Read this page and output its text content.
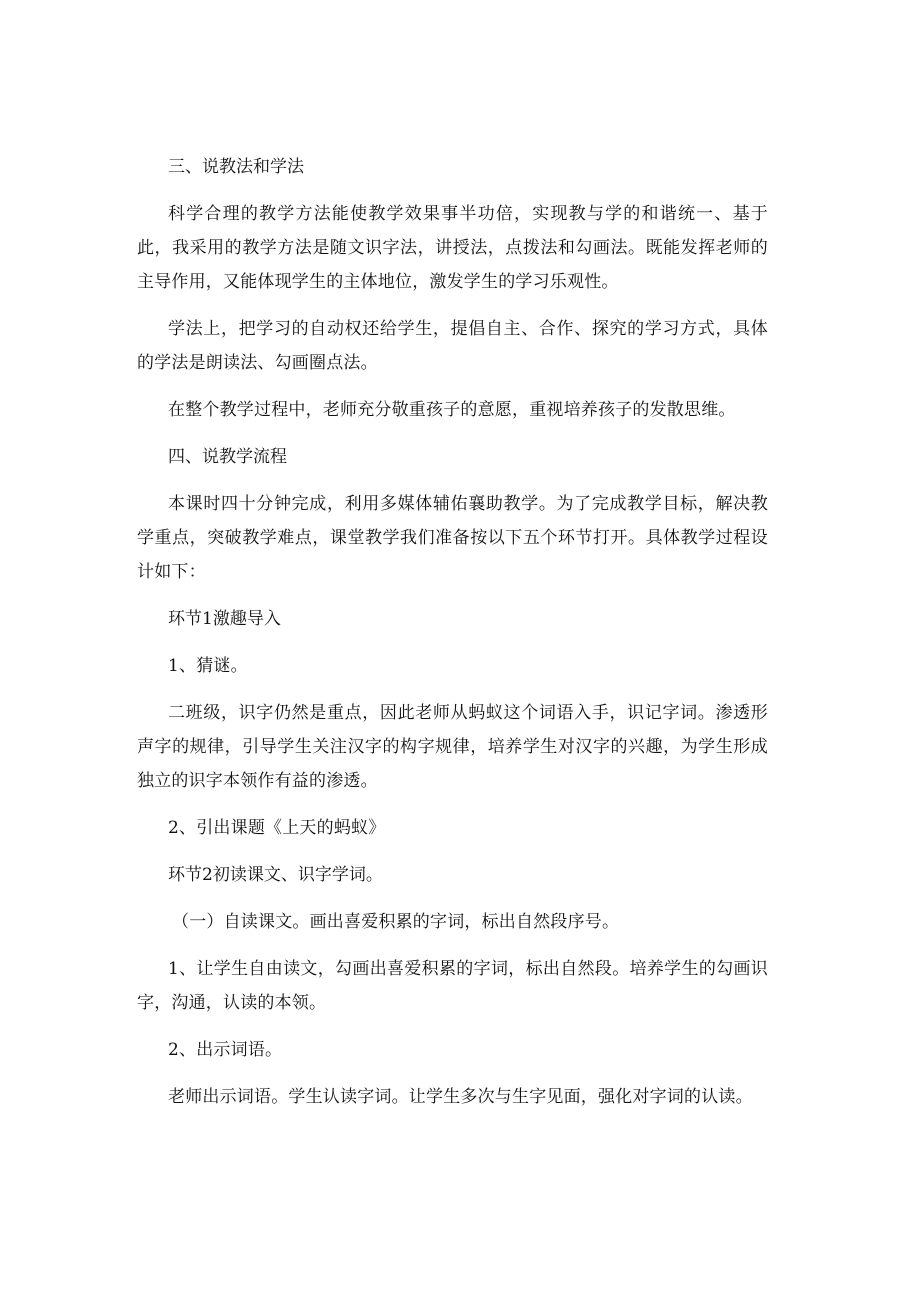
三、说教法和学法

科学合理的教学方法能使教学效果事半功倍，实现教与学的和谐统一、基于此，我采用的教学方法是随文识字法，讲授法，点拨法和勾画法。既能发挥老师的主导作用，又能体现学生的主体地位，激发学生的学习乐观性。

学法上，把学习的自动权还给学生，提倡自主、合作、探究的学习方式，具体的学法是朗读法、勾画圈点法。

在整个教学过程中，老师充分敬重孩子的意愿，重视培养孩子的发散思维。

四、说教学流程

本课时四十分钟完成，利用多媒体辅佑襄助教学。为了完成教学目标，解决教学重点，突破教学难点，课堂教学我们准备按以下五个环节打开。具体教学过程设计如下：

环节1激趣导入

1、猜谜。

二班级，识字仍然是重点，因此老师从蚂蚁这个词语入手，识记字词。渗透形声字的规律，引导学生关注汉字的构字规律，培养学生对汉字的兴趣，为学生形成独立的识字本领作有益的渗透。

2、引出课题《上天的蚂蚁》

环节2初读课文、识字学词。

（一）自读课文。画出喜爱积累的字词，标出自然段序号。

1、让学生自由读文，勾画出喜爱积累的字词，标出自然段。培养学生的勾画识字，沟通，认读的本领。

2、出示词语。

老师出示词语。学生认读字词。让学生多次与生字见面，强化对字词的认读。
